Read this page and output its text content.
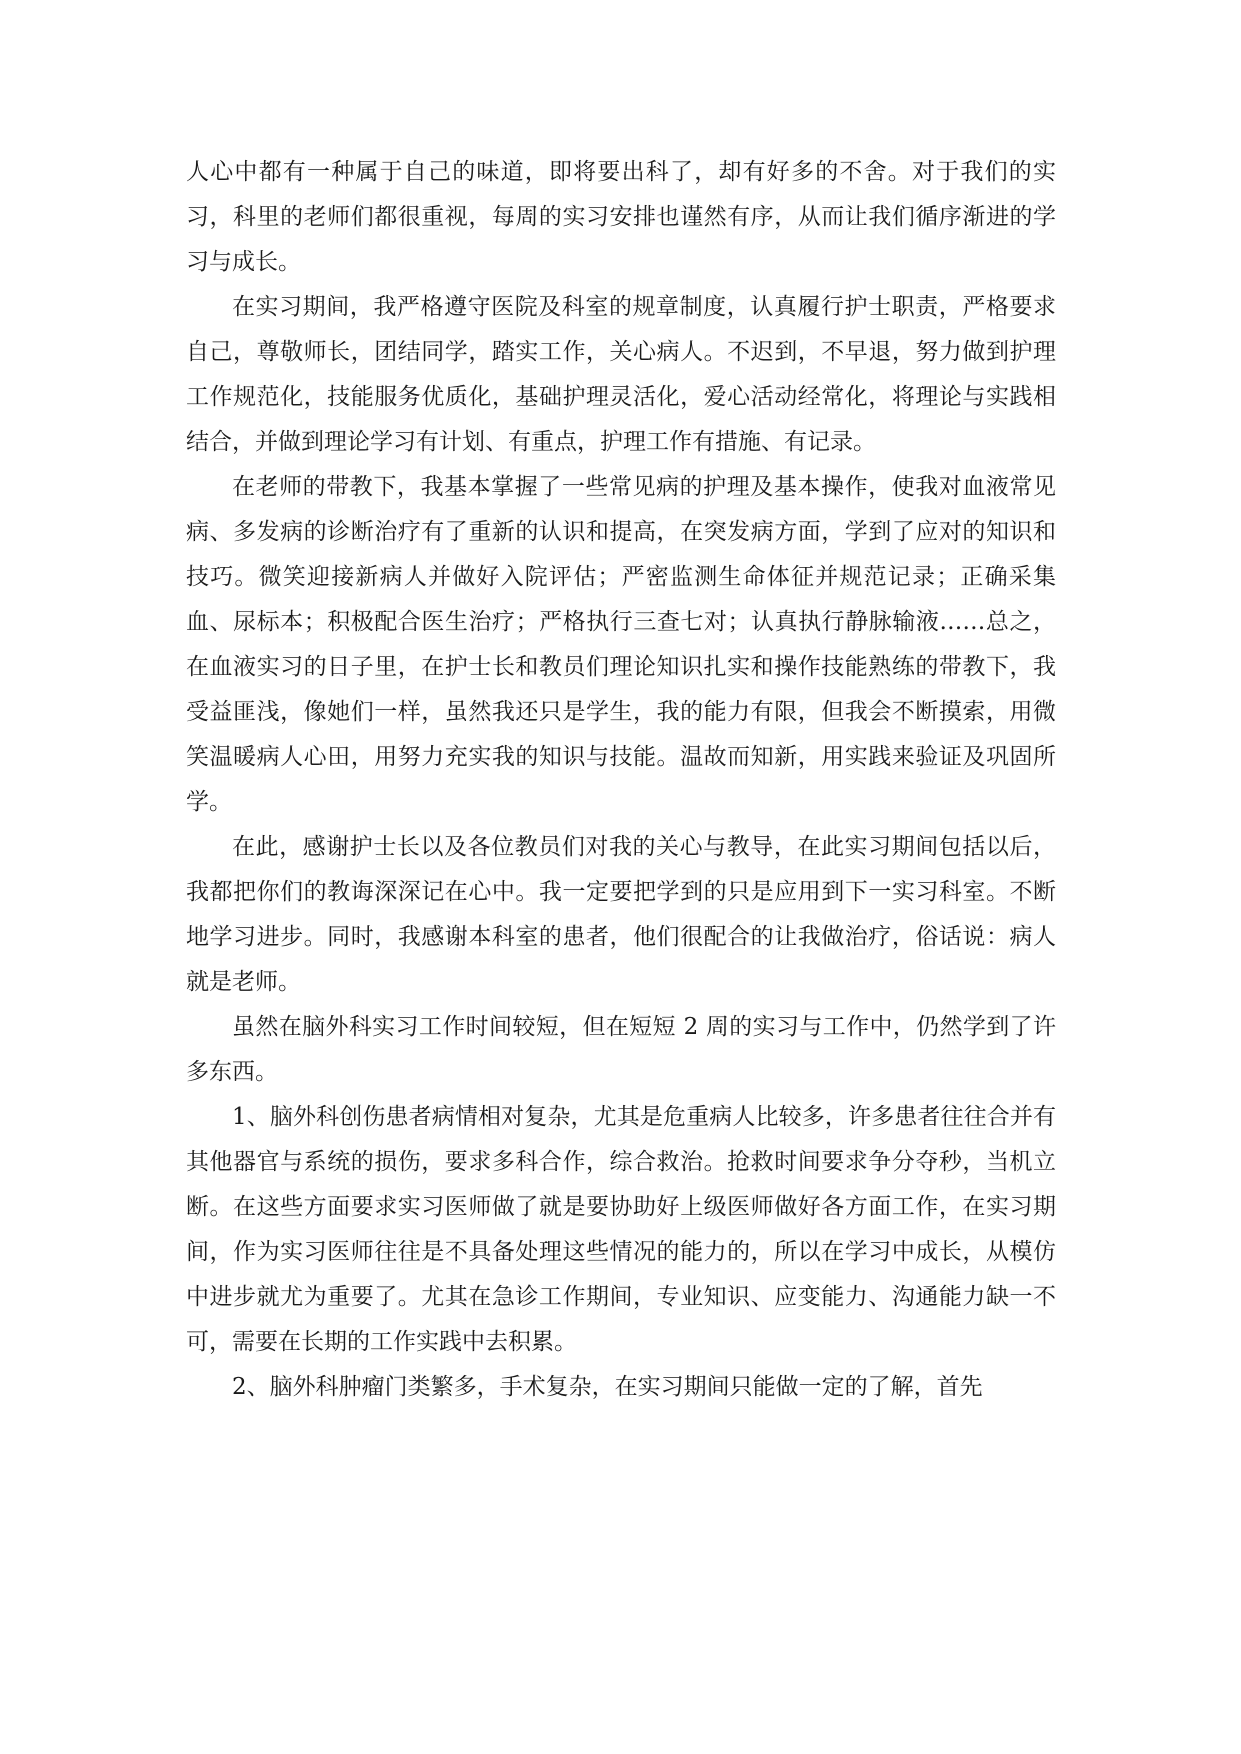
人心中都有一种属于自己的味道，即将要出科了，却有好多的不舍。对于我们的实习，科里的老师们都很重视，每周的实习安排也谨然有序，从而让我们循序渐进的学习与成长。

在实习期间，我严格遵守医院及科室的规章制度，认真履行护士职责，严格要求自己，尊敬师长，团结同学，踏实工作，关心病人。不迟到，不早退，努力做到护理工作规范化，技能服务优质化，基础护理灵活化，爱心活动经常化，将理论与实践相结合，并做到理论学习有计划、有重点，护理工作有措施、有记录。

在老师的带教下，我基本掌握了一些常见病的护理及基本操作，使我对血液常见病、多发病的诊断治疗有了重新的认识和提高，在突发病方面，学到了应对的知识和技巧。微笑迎接新病人并做好入院评估；严密监测生命体征并规范记录；正确采集血、尿标本；积极配合医生治疗；严格执行三查七对；认真执行静脉输液……总之，在血液实习的日子里，在护士长和教员们理论知识扎实和操作技能熟练的带教下，我受益匪浅，像她们一样，虽然我还只是学生，我的能力有限，但我会不断摸索，用微笑温暖病人心田，用努力充实我的知识与技能。温故而知新，用实践来验证及巩固所学。

在此，感谢护士长以及各位教员们对我的关心与教导，在此实习期间包括以后，我都把你们的教诲深深记在心中。我一定要把学到的只是应用到下一实习科室。不断地学习进步。同时，我感谢本科室的患者，他们很配合的让我做治疗，俗话说：病人就是老师。

虽然在脑外科实习工作时间较短，但在短短 2 周的实习与工作中，仍然学到了许多东西。

1、脑外科创伤患者病情相对复杂，尤其是危重病人比较多，许多患者往往合并有其他器官与系统的损伤，要求多科合作，综合救治。抢救时间要求争分夺秒，当机立断。在这些方面要求实习医师做了就是要协助好上级医师做好各方面工作，在实习期间，作为实习医师往往是不具备处理这些情况的能力的，所以在学习中成长，从模仿中进步就尤为重要了。尤其在急诊工作期间，专业知识、应变能力、沟通能力缺一不可，需要在长期的工作实践中去积累。

2、脑外科肿瘤门类繁多，手术复杂，在实习期间只能做一定的了解，首先
